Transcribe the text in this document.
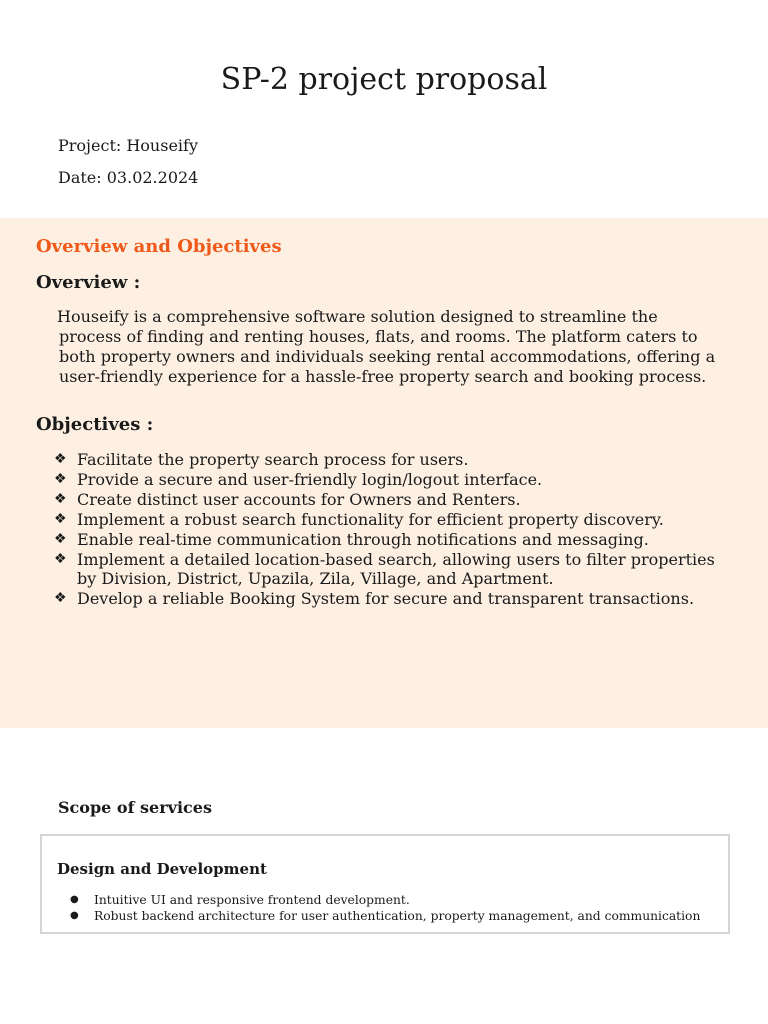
SP-2 project proposal
Project: Houseify
Date: 03.02.2024
Overview and Objectives
Overview :

Houseify is a comprehensive software solution designed to streamline the process of finding and renting houses, flats, and rooms. The platform caters to both property owners and individuals seeking rental accommodations, offering a user-friendly experience for a hassle-free property search and booking process.

Objectives :
❖ Facilitate the property search process for users.
❖ Provide a secure and user-friendly login/logout interface.
❖ Create distinct user accounts for Owners and Renters.
❖ Implement a robust search functionality for efficient property discovery.
❖ Enable real-time communication through notifications and messaging.
❖ Implement a detailed location-based search, allowing users to filter properties by Division, District, Upazila, Zila, Village, and Apartment.
❖ Develop a reliable Booking System for secure and transparent transactions.
Scope of services
Design and Development
●	Intuitive UI and responsive frontend development.
●	Robust backend architecture for user authentication, property management, and communication
